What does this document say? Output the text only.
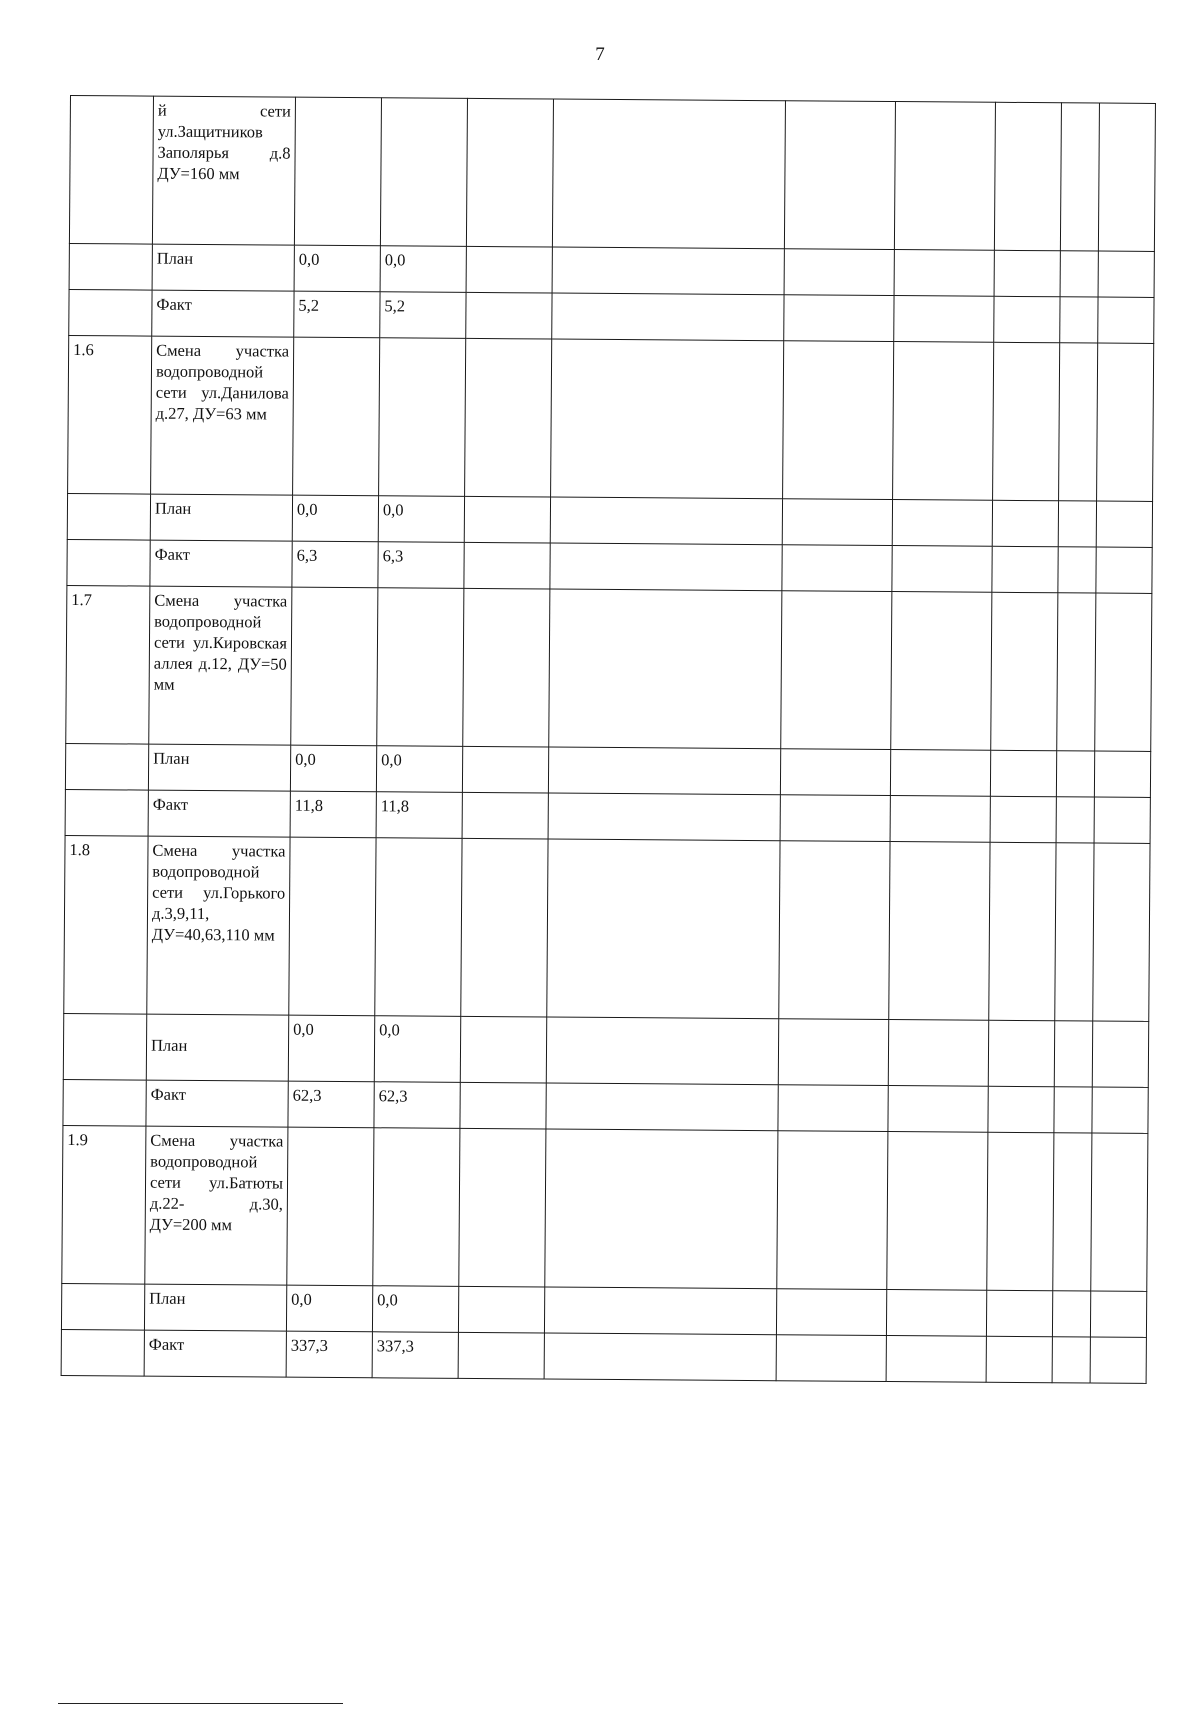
7
	й сети ул.Защитников Заполярья д.8 ДУ=160 мм									
	План	0,0	0,0							
	Факт	5,2	5,2							
1.6	Смена участка водопроводной сети ул.Данилова д.27, ДУ=63 мм									
	План	0,0	0,0							
	Факт	6,3	6,3							
1.7	Смена участка водопроводной сети ул.Кировская аллея д.12, ДУ=50 мм									
	План	0,0	0,0							
	Факт	11,8	11,8							
1.8	Смена участка водопроводной сети ул.Горького д.3,9,11, ДУ=40,63,110 мм									
	План	0,0	0,0							
	Факт	62,3	62,3							
1.9	Смена участка водопроводной сети ул.Батюты д.22- д.30, ДУ=200 мм									
	План	0,0	0,0							
	Факт	337,3	337,3							
